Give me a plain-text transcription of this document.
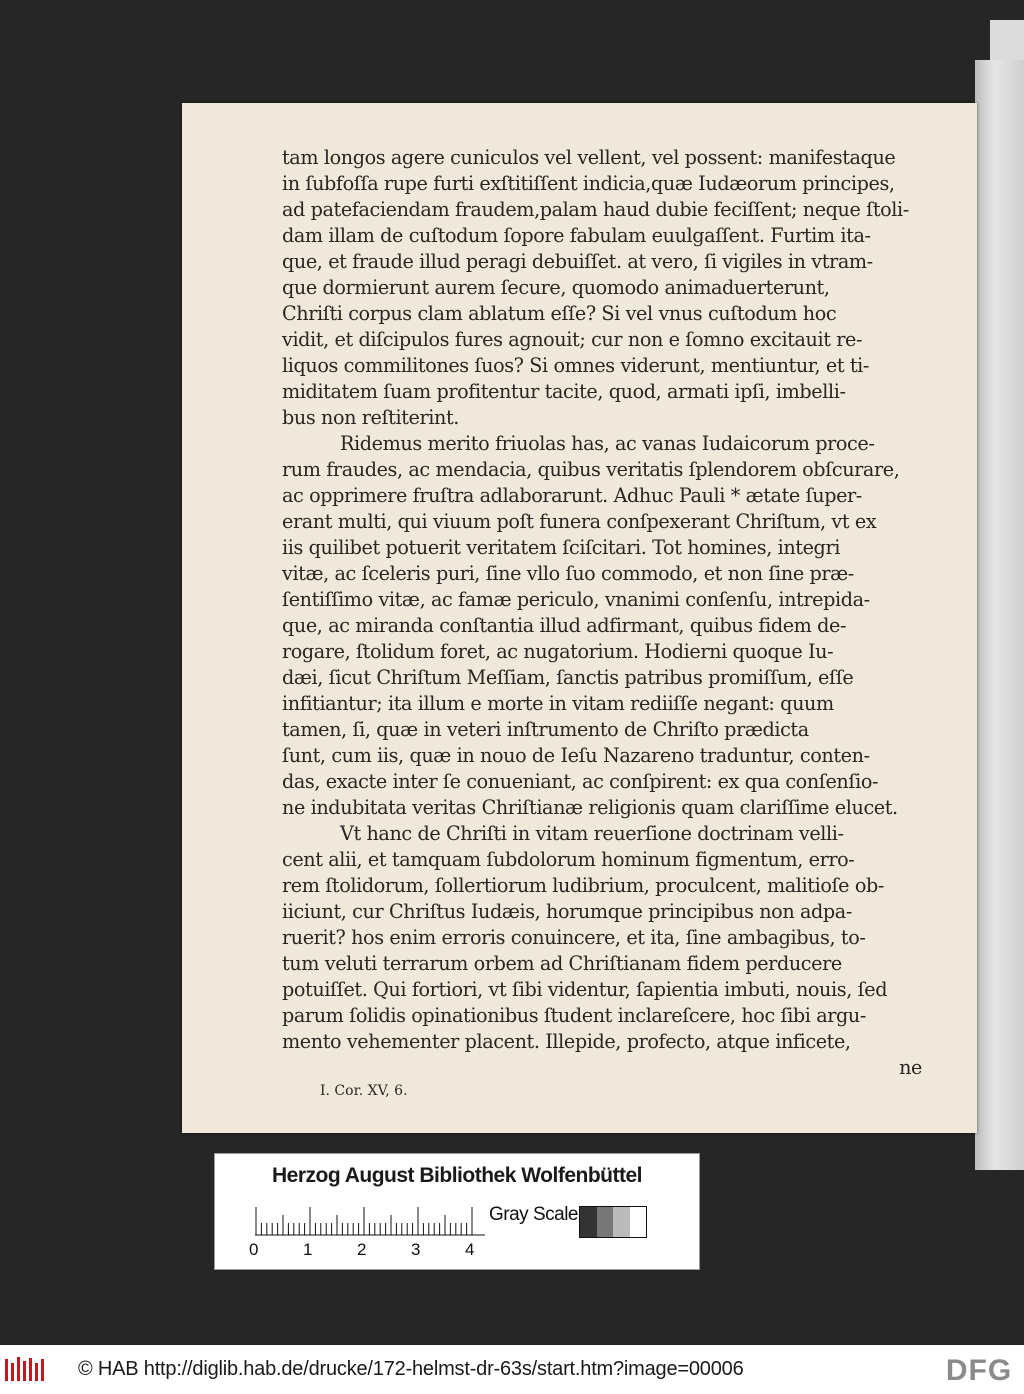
tam longos agere cuniculos vel vellent, vel possent: manifestaque
in ſubfoſſa rupe furti exſtitiſſent indicia,quæ Iudæorum principes,
ad patefaciendam fraudem,palam haud dubie feciſſent; neque ſtoli-
dam illam de cuſtodum ſopore fabulam euulgaſſent. Furtim ita-
que, et fraude illud peragi debuiſſet. at vero, ſi vigiles in vtram-
que dormierunt aurem ſecure, quomodo animaduerterunt,
Chriſti corpus clam ablatum eſſe? Si vel vnus cuſtodum hoc
vidit, et diſcipulos fures agnouit; cur non e ſomno excitauit re-
liquos commilitones ſuos? Si omnes viderunt, mentiuntur, et ti-
miditatem ſuam profitentur tacite, quod, armati ipſi, imbelli-
bus non reſtiterint.
Ridemus merito friuolas has, ac vanas Iudaicorum proce-
rum fraudes, ac mendacia, quibus veritatis ſplendorem obſcurare,
ac opprimere fruſtra adlaborarunt. Adhuc Pauli * ætate ſuper-
erant multi, qui viuum poſt funera conſpexerant Chriſtum, vt ex
iis quilibet potuerit veritatem ſciſcitari. Tot homines, integri
vitæ, ac ſceleris puri, ſine vllo ſuo commodo, et non ſine præ-
ſentiſſimo vitæ, ac famæ periculo, vnanimi conſenſu, intrepida-
que, ac miranda conſtantia illud adfirmant, quibus fidem de-
rogare, ſtolidum foret, ac nugatorium. Hodierni quoque Iu-
dæi, ſicut Chriſtum Meſſiam, ſanctis patribus promiſſum, eſſe
infitiantur; ita illum e morte in vitam rediiſſe negant: quum
tamen, ſi, quæ in veteri inſtrumento de Chriſto prædicta
ſunt, cum iis, quæ in nouo de Ieſu Nazareno traduntur, conten-
das, exacte inter ſe conueniant, ac conſpirent: ex qua conſenſio-
ne indubitata veritas Chriſtianæ religionis quam clariſſime elucet.
Vt hanc de Chriſti in vitam reuerſione doctrinam velli-
cent alii, et tamquam ſubdolorum hominum figmentum, erro-
rem ſtolidorum, ſollertiorum ludibrium, proculcent, malitioſe ob-
iiciunt, cur Chriſtus Iudæis, horumque principibus non adpa-
ruerit? hos enim erroris conuincere, et ita, ſine ambagibus, to-
tum veluti terrarum orbem ad Chriſtianam fidem perducere
potuiſſet. Qui fortiori, vt ſibi videntur, ſapientia imbuti, nouis, ſed
parum ſolidis opinationibus ſtudent inclareſcere, hoc ſibi argu-
mento vehementer placent. Illepide, profecto, atque inficete,
ne
I. Cor. XV, 6.
Herzog August Bibliothek Wolfenbüttel
0	1	2	3	4
Gray Scale
© HAB http://diglib.hab.de/drucke/172-helmst-dr-63s/start.htm?image=00006	DFG
